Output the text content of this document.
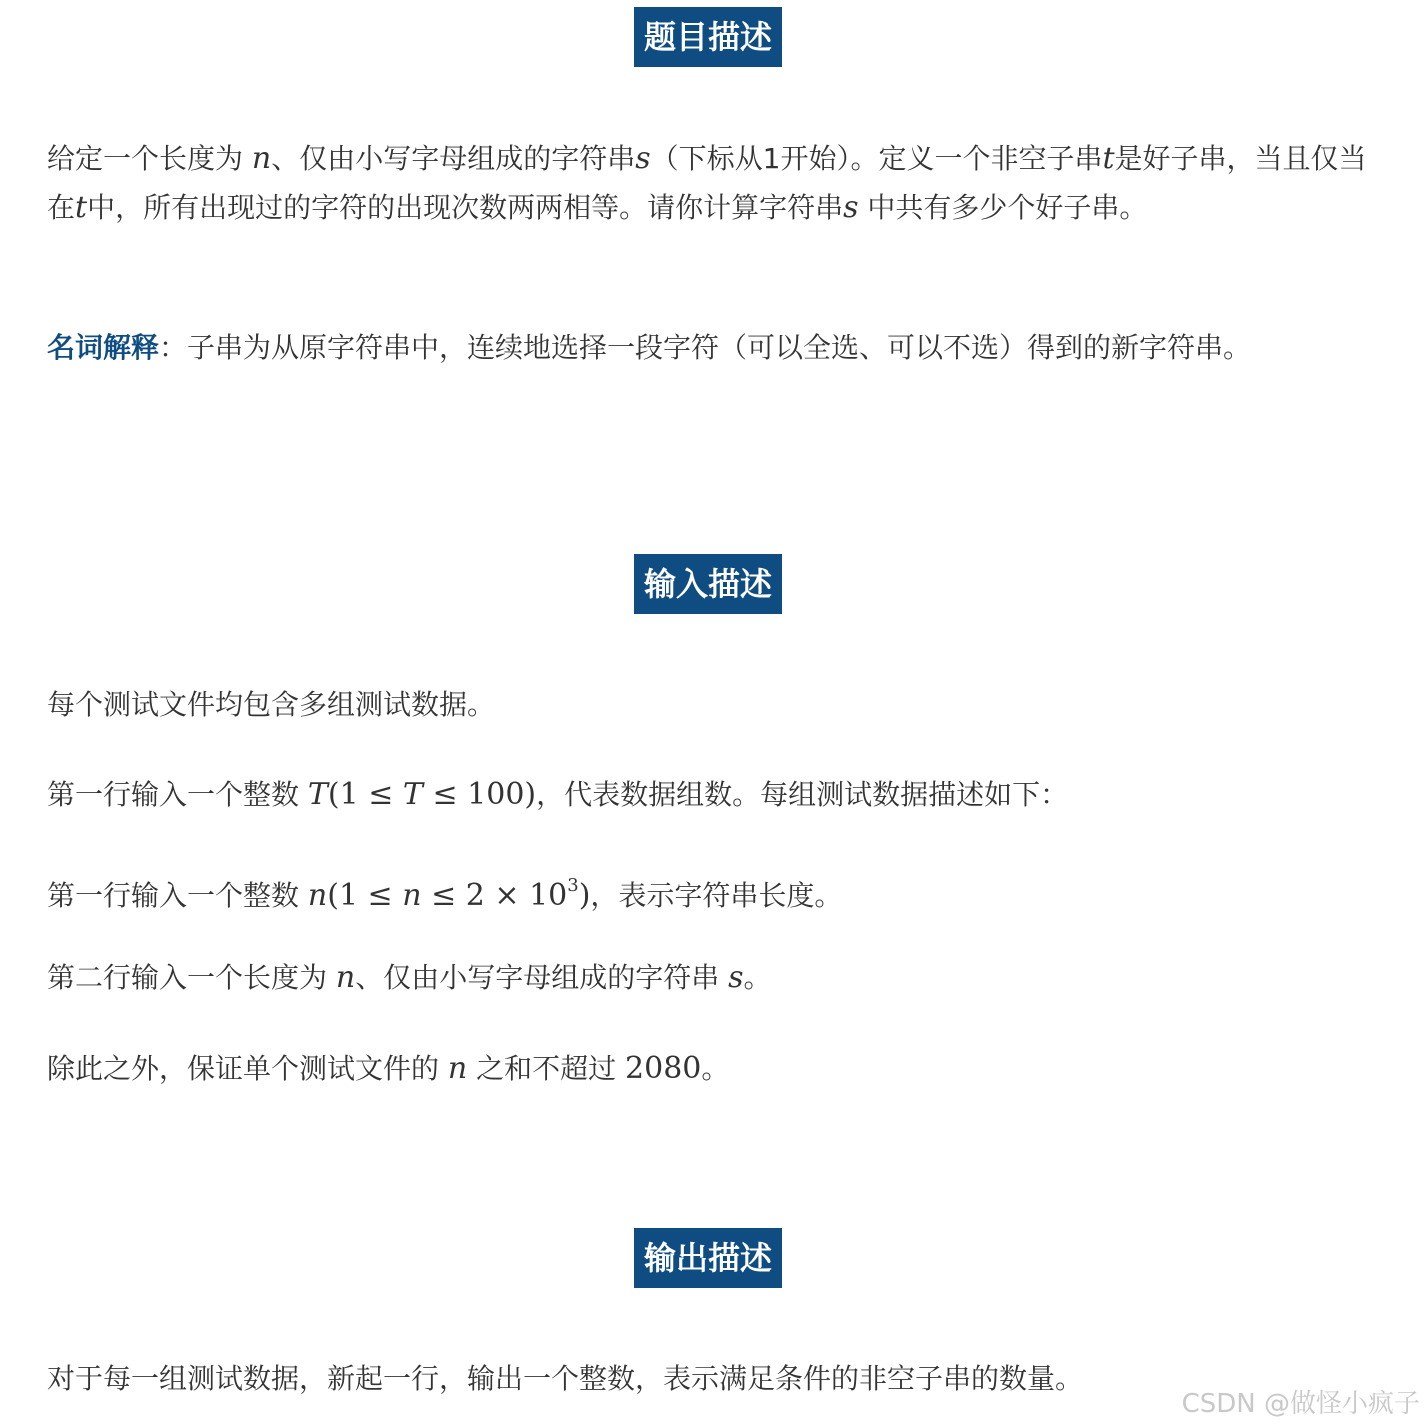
题目描述
给定一个长度为 n、仅由小写字母组成的字符串s（下标从1开始）。定义一个非空子串t是好子串，当且仅当在t中，所有出现过的字符的出现次数两两相等。请你计算字符串s 中共有多少个好子串。
名词解释：子串为从原字符串中，连续地选择一段字符（可以全选、可以不选）得到的新字符串。
输入描述
每个测试文件均包含多组测试数据。
第一行输入一个整数 T(1 ≤ T ≤ 100)，代表数据组数。每组测试数据描述如下：
第一行输入一个整数 $n(1 \le n \le 2 \times 10^3)$，表示字符串长度。
第二行输入一个长度为 n、仅由小写字母组成的字符串 s。
除此之外，保证单个测试文件的 n 之和不超过 2080。
输出描述
对于每一组测试数据，新起一行，输出一个整数，表示满足条件的非空子串的数量。
CSDN @做怪小疯子
